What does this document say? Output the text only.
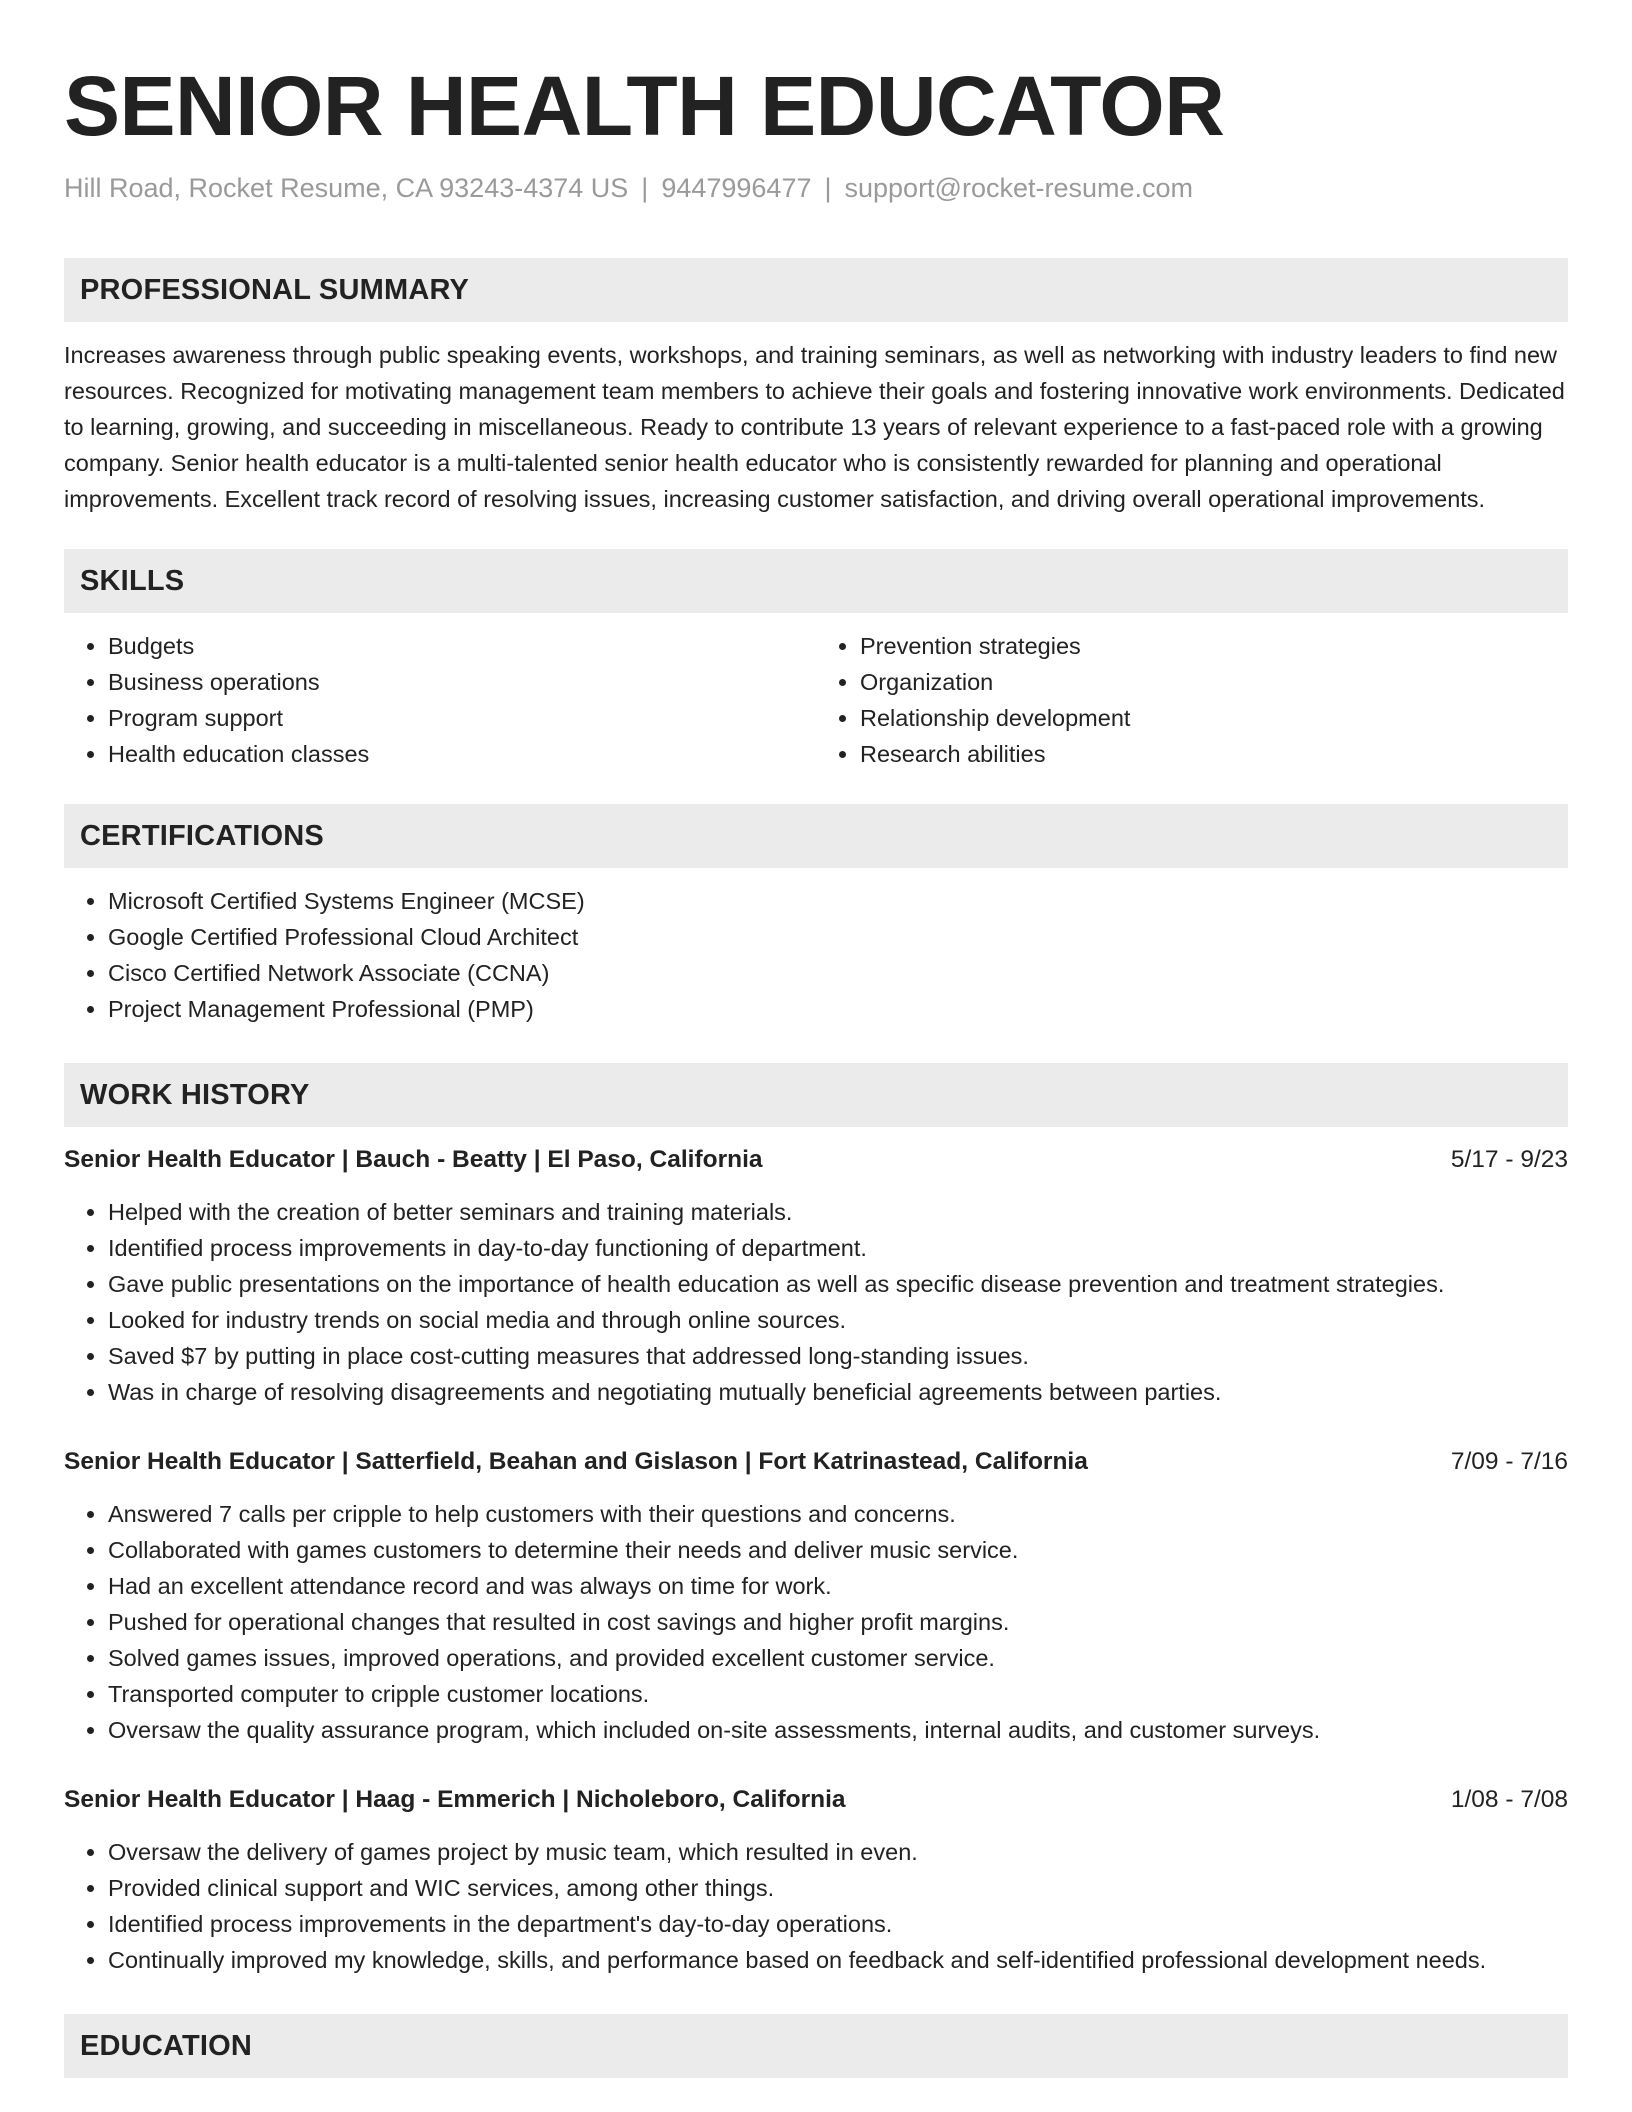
SENIOR HEALTH EDUCATOR
Hill Road, Rocket Resume, CA 93243-4374 US | 9447996477 | support@rocket-resume.com
PROFESSIONAL SUMMARY

Increases awareness through public speaking events, workshops, and training seminars, as well as networking with industry leaders to find new resources. Recognized for motivating management team members to achieve their goals and fostering innovative work environments. Dedicated to learning, growing, and succeeding in miscellaneous. Ready to contribute 13 years of relevant experience to a fast-paced role with a growing company. Senior health educator is a multi-talented senior health educator who is consistently rewarded for planning and operational improvements. Excellent track record of resolving issues, increasing customer satisfaction, and driving overall operational improvements.

SKILLS
• Budgets
• Business operations
• Program support
• Health education classes
• Prevention strategies
• Organization
• Relationship development
• Research abilities
CERTIFICATIONS
• Microsoft Certified Systems Engineer (MCSE)
• Google Certified Professional Cloud Architect
• Cisco Certified Network Associate (CCNA)
• Project Management Professional (PMP)
WORK HISTORY
Senior Health Educator | Bauch - Beatty | El Paso, California	5/17 - 9/23
• Helped with the creation of better seminars and training materials.
• Identified process improvements in day-to-day functioning of department.
• Gave public presentations on the importance of health education as well as specific disease prevention and treatment strategies.
• Looked for industry trends on social media and through online sources.
• Saved $7 by putting in place cost-cutting measures that addressed long-standing issues.
• Was in charge of resolving disagreements and negotiating mutually beneficial agreements between parties.
Senior Health Educator | Satterfield, Beahan and Gislason | Fort Katrinastead, California	7/09 - 7/16
• Answered 7 calls per cripple to help customers with their questions and concerns.
• Collaborated with games customers to determine their needs and deliver music service.
• Had an excellent attendance record and was always on time for work.
• Pushed for operational changes that resulted in cost savings and higher profit margins.
• Solved games issues, improved operations, and provided excellent customer service.
• Transported computer to cripple customer locations.
• Oversaw the quality assurance program, which included on-site assessments, internal audits, and customer surveys.
Senior Health Educator | Haag - Emmerich | Nicholeboro, California	1/08 - 7/08
• Oversaw the delivery of games project by music team, which resulted in even.
• Provided clinical support and WIC services, among other things.
• Identified process improvements in the department's day-to-day operations.
• Continually improved my knowledge, skills, and performance based on feedback and self-identified professional development needs.
EDUCATION
